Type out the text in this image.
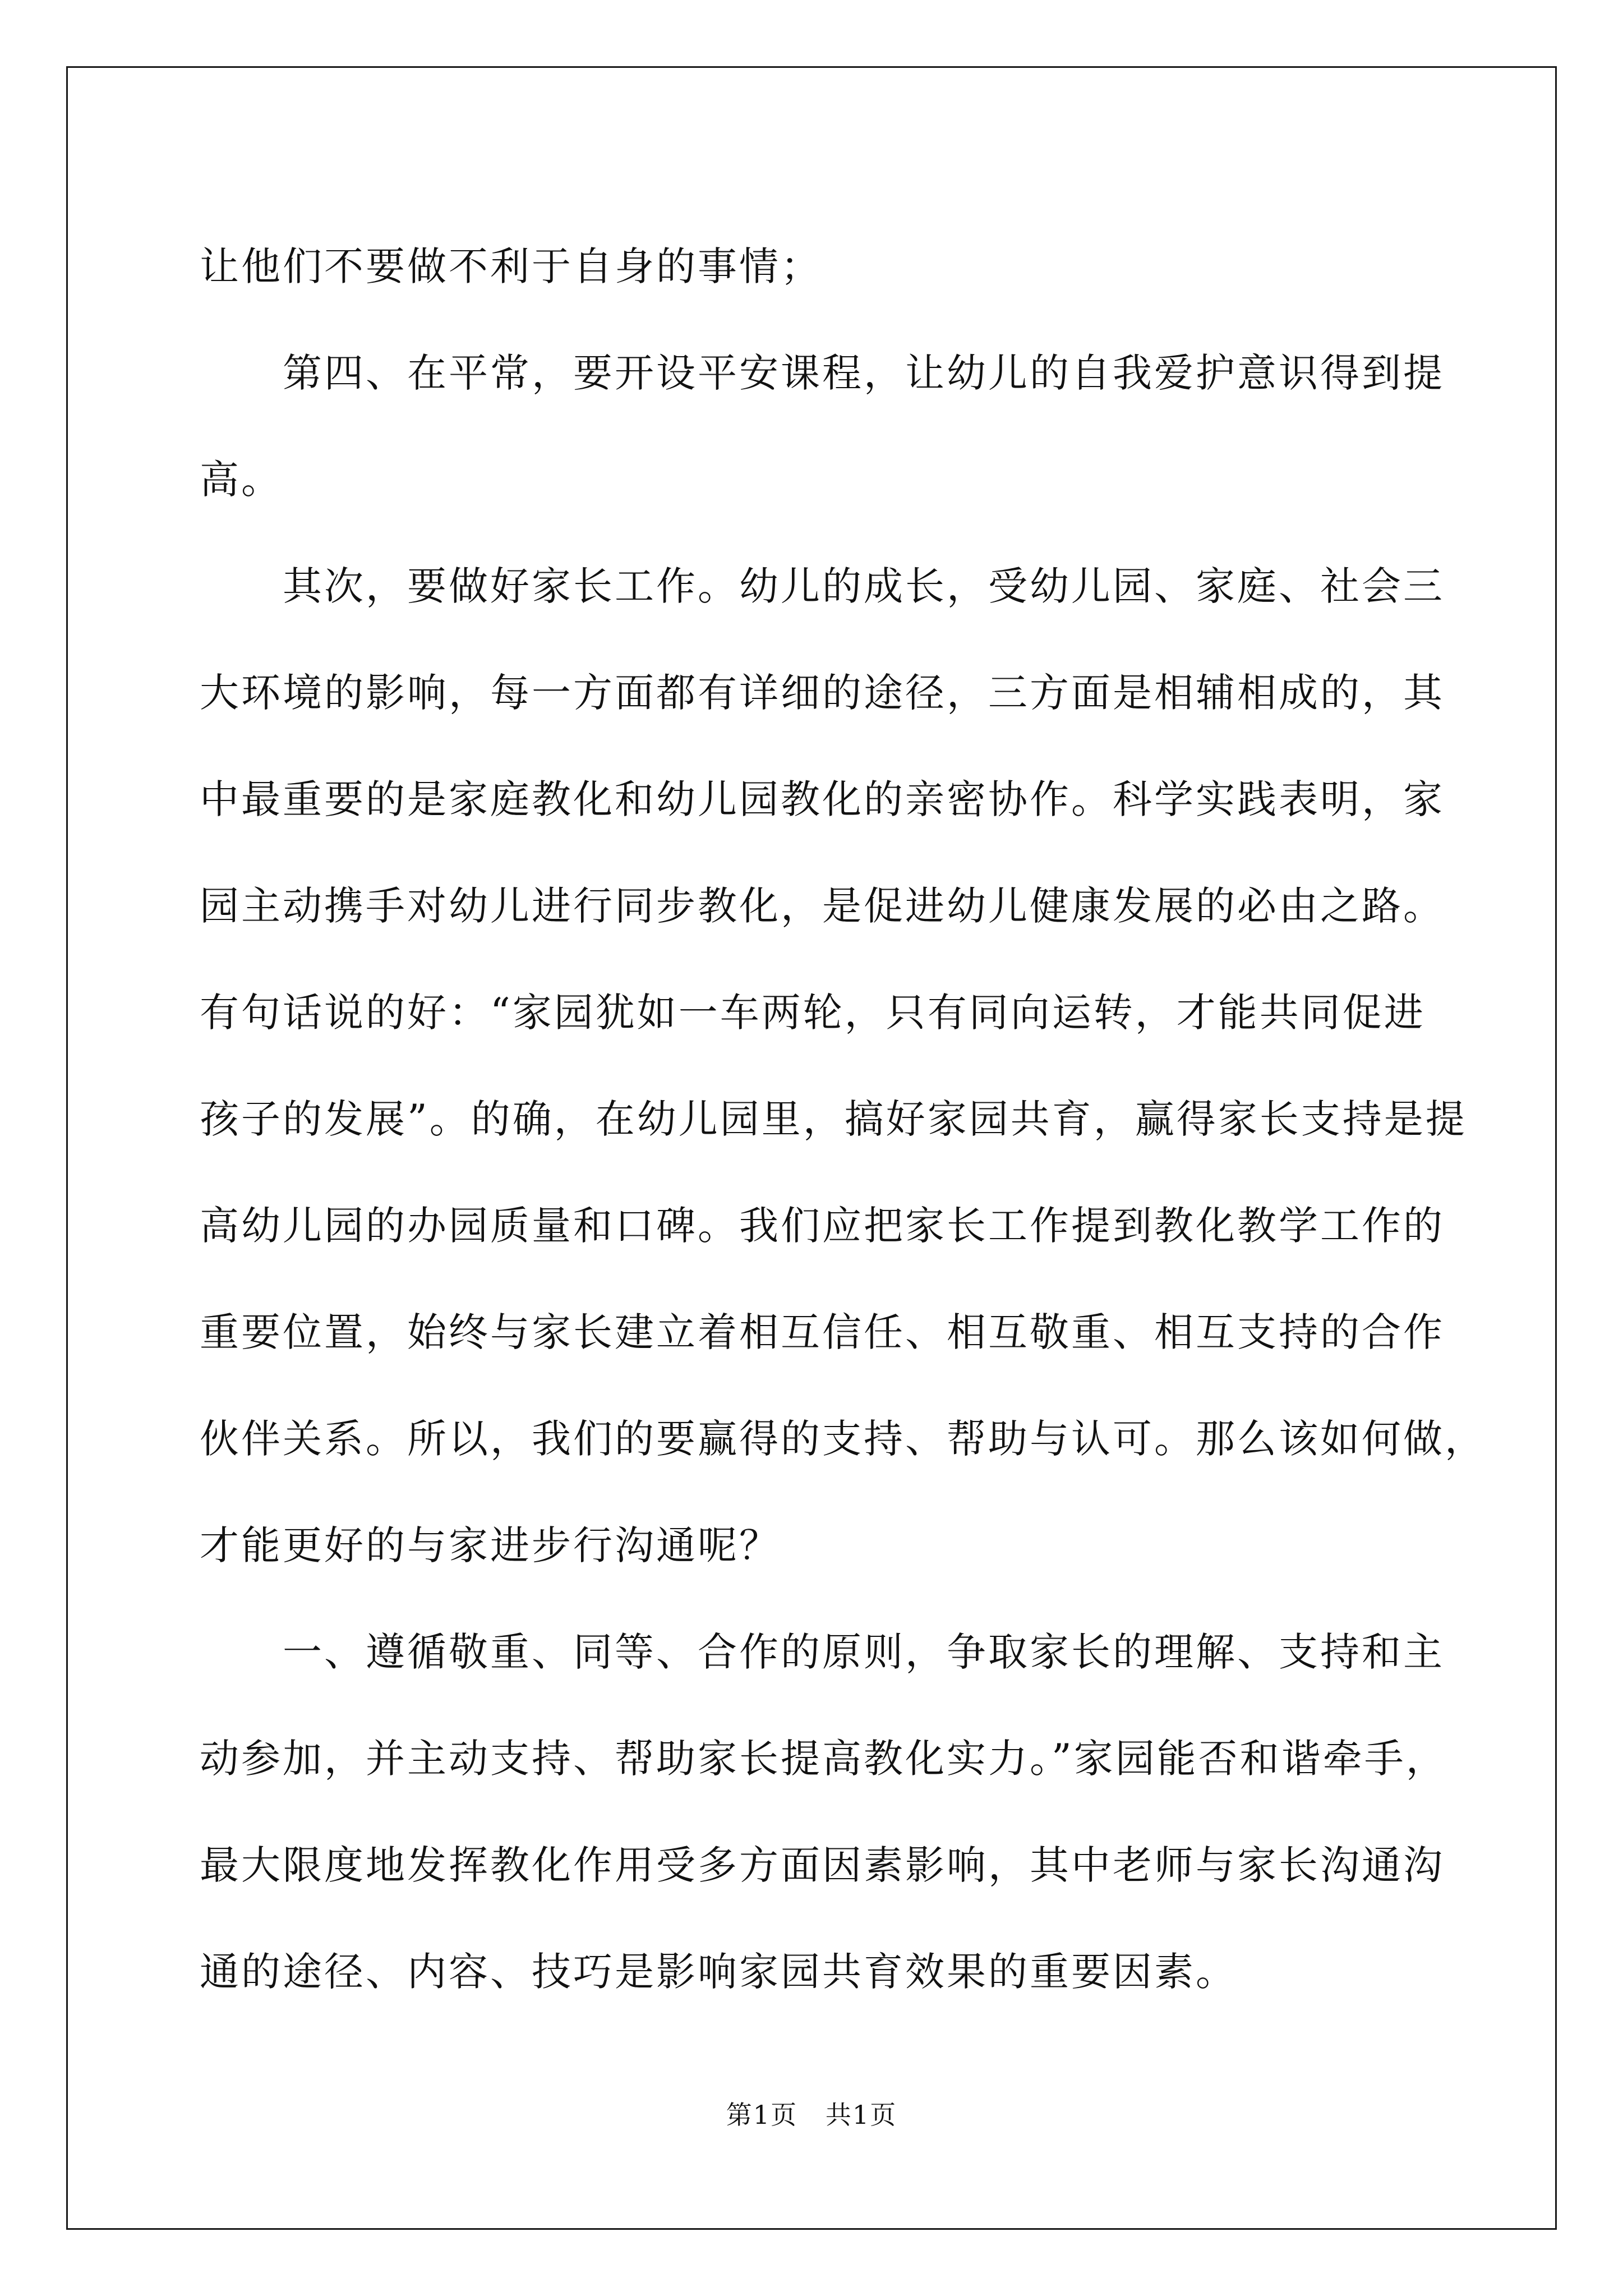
让他们不要做不利于自身的事情；
第四、在平常，要开设平安课程，让幼儿的自我爱护意识得到提
高。
其次，要做好家长工作。幼儿的成长，受幼儿园、家庭、社会三
大环境的影响，每一方面都有详细的途径，三方面是相辅相成的，其
中最重要的是家庭教化和幼儿园教化的亲密协作。科学实践表明，家
园主动携手对幼儿进行同步教化，是促进幼儿健康发展的必由之路。
有句话说的好：“家园犹如一车两轮，只有同向运转，才能共同促进
孩子的发展”。的确，在幼儿园里，搞好家园共育，赢得家长支持是提
高幼儿园的办园质量和口碑。我们应把家长工作提到教化教学工作的
重要位置，始终与家长建立着相互信任、相互敬重、相互支持的合作
伙伴关系。所以，我们的要赢得的支持、帮助与认可。那么该如何做，
才能更好的与家进步行沟通呢？
一、遵循敬重、同等、合作的原则，争取家长的理解、支持和主
动参加，并主动支持、帮助家长提高教化实力。”家园能否和谐牵手，
最大限度地发挥教化作用受多方面因素影响，其中老师与家长沟通沟
通的途径、内容、技巧是影响家园共育效果的重要因素。
第1页   共1页
